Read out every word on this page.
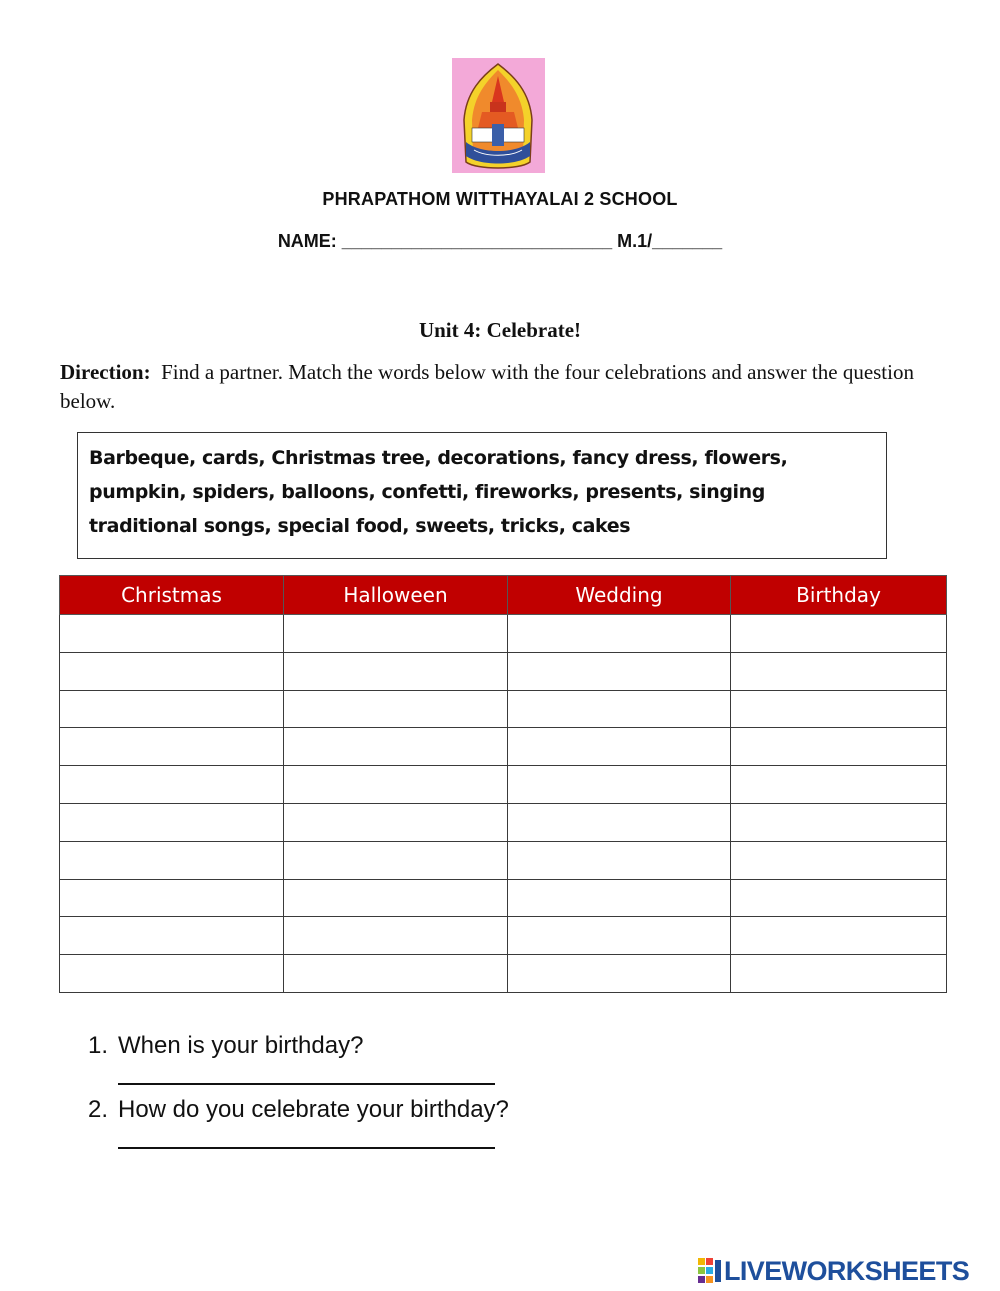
PHRAPATHOM WITTHAYALAI 2 SCHOOL
NAME: ___________________________ M.1/_______
Unit 4: Celebrate!
Direction: Find a partner. Match the words below with the four celebrations and answer the question below.
Barbeque, cards, Christmas tree, decorations, fancy dress, flowers,
pumpkin, spiders, balloons, confetti, fireworks, presents, singing
traditional songs, special food, sweets, tricks, cakes
Christmas	Halloween	Wedding	Birthday

1. When is your birthday?
2. How do you celebrate your birthday?
LIVEWORKSHEETS
